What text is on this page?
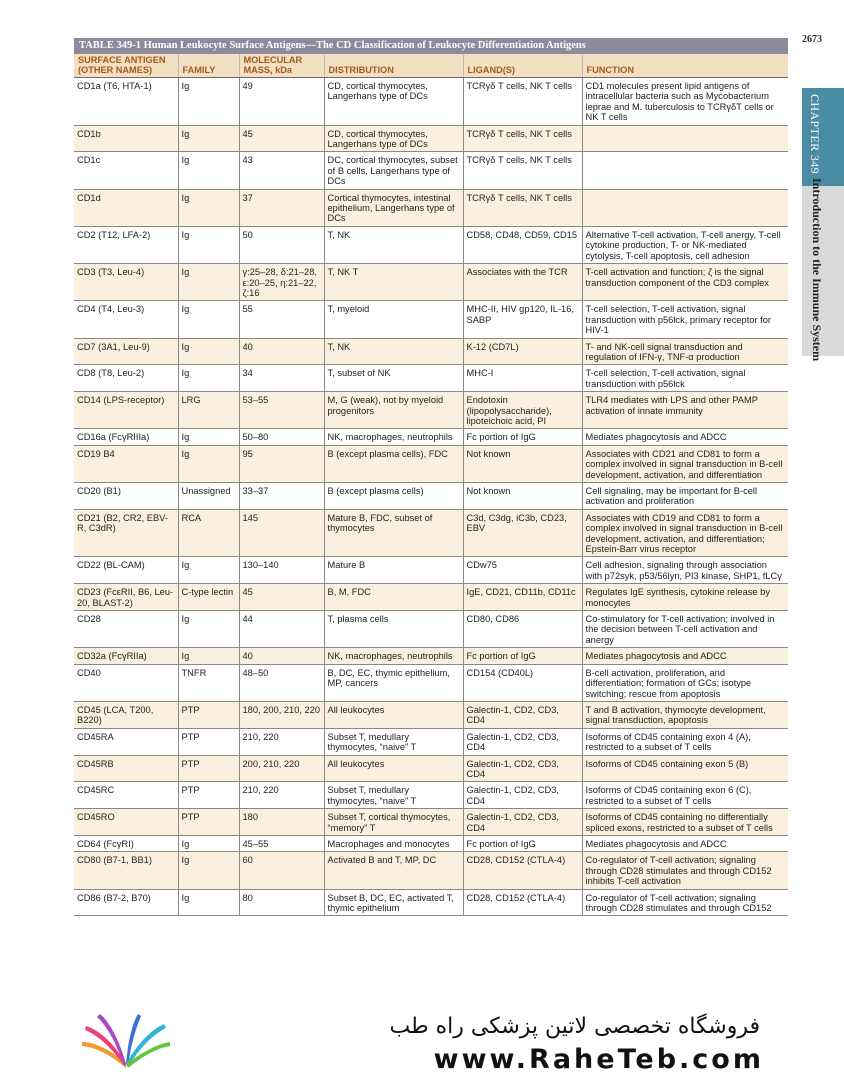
2673
CHAPTER 349
Introduction to the Immune System
TABLE 349-1 Human Leukocyte Surface Antigens—The CD Classification of Leukocyte Differentiation Antigens
SURFACE ANTIGEN (OTHER NAMES)	FAMILY	MOLECULAR MASS, kDa	DISTRIBUTION	LIGAND(S)	FUNCTION
CD1a (T6, HTA-1)	Ig	49	CD, cortical thymocytes, Langerhans type of DCs	TCRγδ T cells, NK T cells	CD1 molecules present lipid antigens of intracellular bacteria such as Mycobacterium leprae and M. tuberculosis to TCRγδT cells or NK T cells
CD1b	Ig	45	CD, cortical thymocytes, Langerhans type of DCs	TCRγδ T cells, NK T cells	
CD1c	Ig	43	DC, cortical thymocytes, subset of B cells, Langerhans type of DCs	TCRγδ T cells, NK T cells	
CD1d	Ig	37	Cortical thymocytes, intestinal epithelium, Langerhans type of DCs	TCRγδ T cells, NK T cells	
CD2 (T12, LFA-2)	Ig	50	T, NK	CD58, CD48, CD59, CD15	Alternative T-cell activation, T-cell anergy, T-cell cytokine production, T- or NK-mediated cytolysis, T-cell apoptosis, cell adhesion
CD3 (T3, Leu-4)	Ig	γ:25–28, δ:21–28, ε:20–25, η:21–22, ζ:16	T, NK T	Associates with the TCR	T-cell activation and function; ζ is the signal transduction component of the CD3 complex
CD4 (T4, Leu-3)	Ig	55	T, myeloid	MHC-II, HIV gp120, IL-16, SABP	T-cell selection, T-cell activation, signal transduction with p56lck, primary receptor for HIV-1
CD7 (3A1, Leu-9)	Ig	40	T, NK	K-12 (CD7L)	T- and NK-cell signal transduction and regulation of IFN-γ, TNF-α production
CD8 (T8, Leu-2)	Ig	34	T, subset of NK	MHC-I	T-cell selection, T-cell activation, signal transduction with p56lck
CD14 (LPS-receptor)	LRG	53–55	M, G (weak), not by myeloid progenitors	Endotoxin (lipopolysaccharide), lipoteichoic acid, PI	TLR4 mediates with LPS and other PAMP activation of innate immunity
CD16a (FcγRIIIa)	Ig	50–80	NK, macrophages, neutrophils	Fc portion of IgG	Mediates phagocytosis and ADCC
CD19 B4	Ig	95	B (except plasma cells), FDC	Not known	Associates with CD21 and CD81 to form a complex involved in signal transduction in B-cell development, activation, and differentiation
CD20 (B1)	Unassigned	33–37	B (except plasma cells)	Not known	Cell signaling, may be important for B-cell activation and proliferation
CD21 (B2, CR2, EBV-R, C3dR)	RCA	145	Mature B, FDC, subset of thymocytes	C3d, C3dg, iC3b, CD23, EBV	Associates with CD19 and CD81 to form a complex involved in signal transduction in B-cell development, activation, and differentiation; Epstein-Barr virus receptor
CD22 (BL-CAM)	Ig	130–140	Mature B	CDw75	Cell adhesion, signaling through association with p72syk, p53/56lyn, PI3 kinase, SHP1, fLCγ
CD23 (FcεRII, B6, Leu-20, BLAST-2)	C-type lectin	45	B, M, FDC	IgE, CD21, CD11b, CD11c	Regulates IgE synthesis, cytokine release by monocytes
CD28	Ig	44	T, plasma cells	CD80, CD86	Co-stimulatory for T-cell activation; involved in the decision between T-cell activation and anergy
CD32a (FcγRIIa)	Ig	40	NK, macrophages, neutrophils	Fc portion of IgG	Mediates phagocytosis and ADCC
CD40	TNFR	48–50	B, DC, EC, thymic epithelium, MP, cancers	CD154 (CD40L)	B-cell activation, proliferation, and differentiation; formation of GCs; isotype switching; rescue from apoptosis
CD45 (LCA, T200, B220)	PTP	180, 200, 210, 220	All leukocytes	Galectin-1, CD2, CD3, CD4	T and B activation, thymocyte development, signal transduction, apoptosis
CD45RA	PTP	210, 220	Subset T, medullary thymocytes, “naive” T	Galectin-1, CD2, CD3, CD4	Isoforms of CD45 containing exon 4 (A), restricted to a subset of T cells
CD45RB	PTP	200, 210, 220	All leukocytes	Galectin-1, CD2, CD3, CD4	Isoforms of CD45 containing exon 5 (B)
CD45RC	PTP	210, 220	Subset T, medullary thymocytes, “naive” T	Galectin-1, CD2, CD3, CD4	Isoforms of CD45 containing exon 6 (C), restricted to a subset of T cells
CD45RO	PTP	180	Subset T, cortical thymocytes, “memory” T	Galectin-1, CD2, CD3, CD4	Isoforms of CD45 containing no differentially spliced exons, restricted to a subset of T cells
CD64 (FcγRI)	Ig	45–55	Macrophages and monocytes	Fc portion of IgG	Mediates phagocytosis and ADCC
CD80 (B7-1, BB1)	Ig	60	Activated B and T, MP, DC	CD28, CD152 (CTLA-4)	Co-regulator of T-cell activation; signaling through CD28 stimulates and through CD152 inhibits T-cell activation
CD86 (B7-2, B70)	Ig	80	Subset B, DC, EC, activated T, thymic epithelium	CD28, CD152 (CTLA-4)	Co-regulator of T-cell activation; signaling through CD28 stimulates and through CD152
فروشگاه تخصصی لاتین پزشکی راه طب
www.RaheTeb.com
